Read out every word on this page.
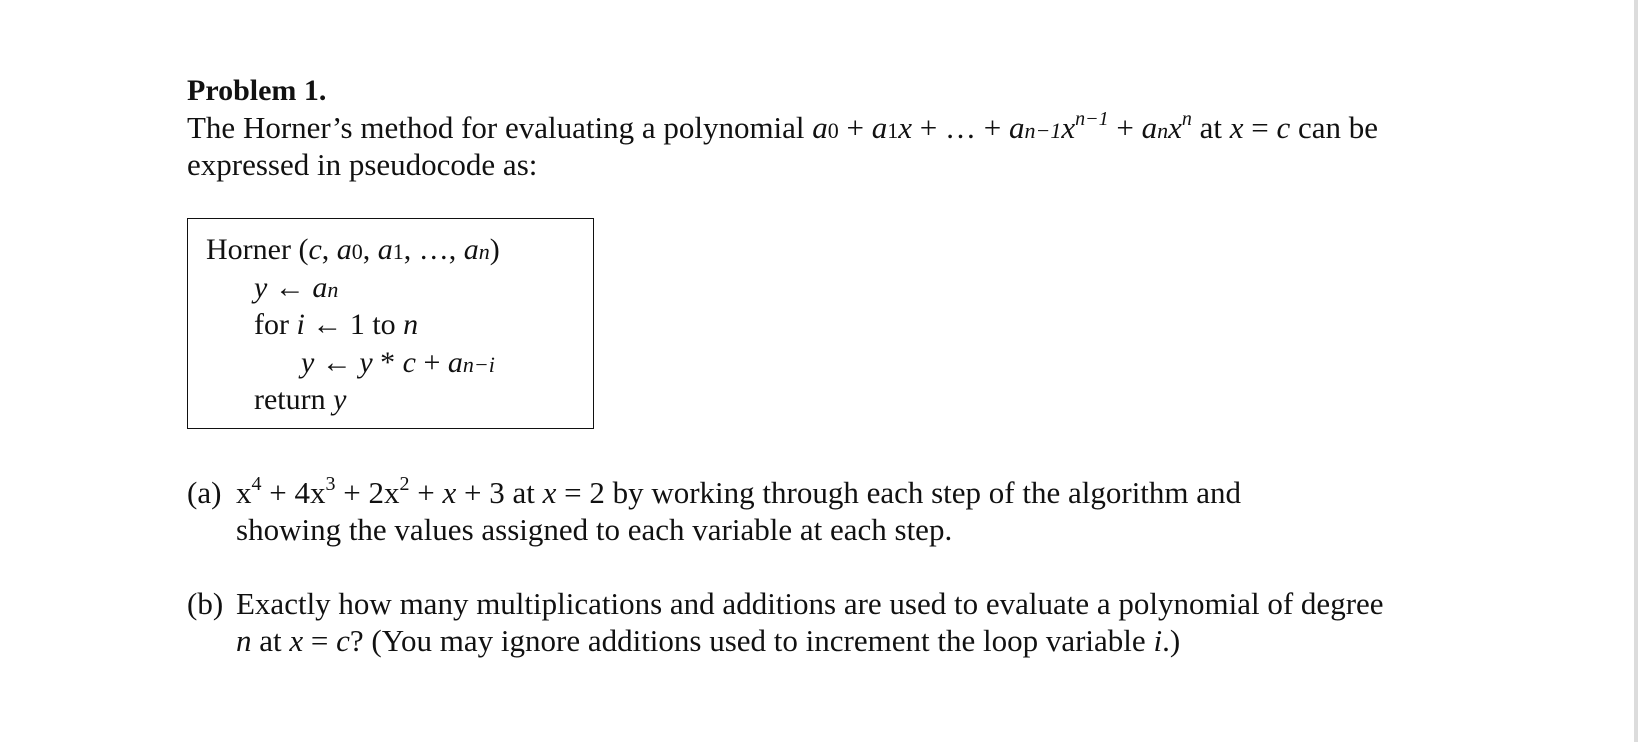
Problem 1.
The Horner’s method for evaluating a polynomial a0 + a1x + … + $an-1x^{n-1} + anx^n$ at x = c can be
expressed in pseudocode as:
Horner (c, a0, a1, …, an)
y ← an
for i ← 1 to n
y ← y * c + an−i
return y
(a) $x^4 + 4x^3 + 2x^2 + x + 3$ at x = 2 by working through each step of the algorithm and
showing the values assigned to each variable at each step.
(b) Exactly how many multiplications and additions are used to evaluate a polynomial of degree
n at x = c? (You may ignore additions used to increment the loop variable i.)
